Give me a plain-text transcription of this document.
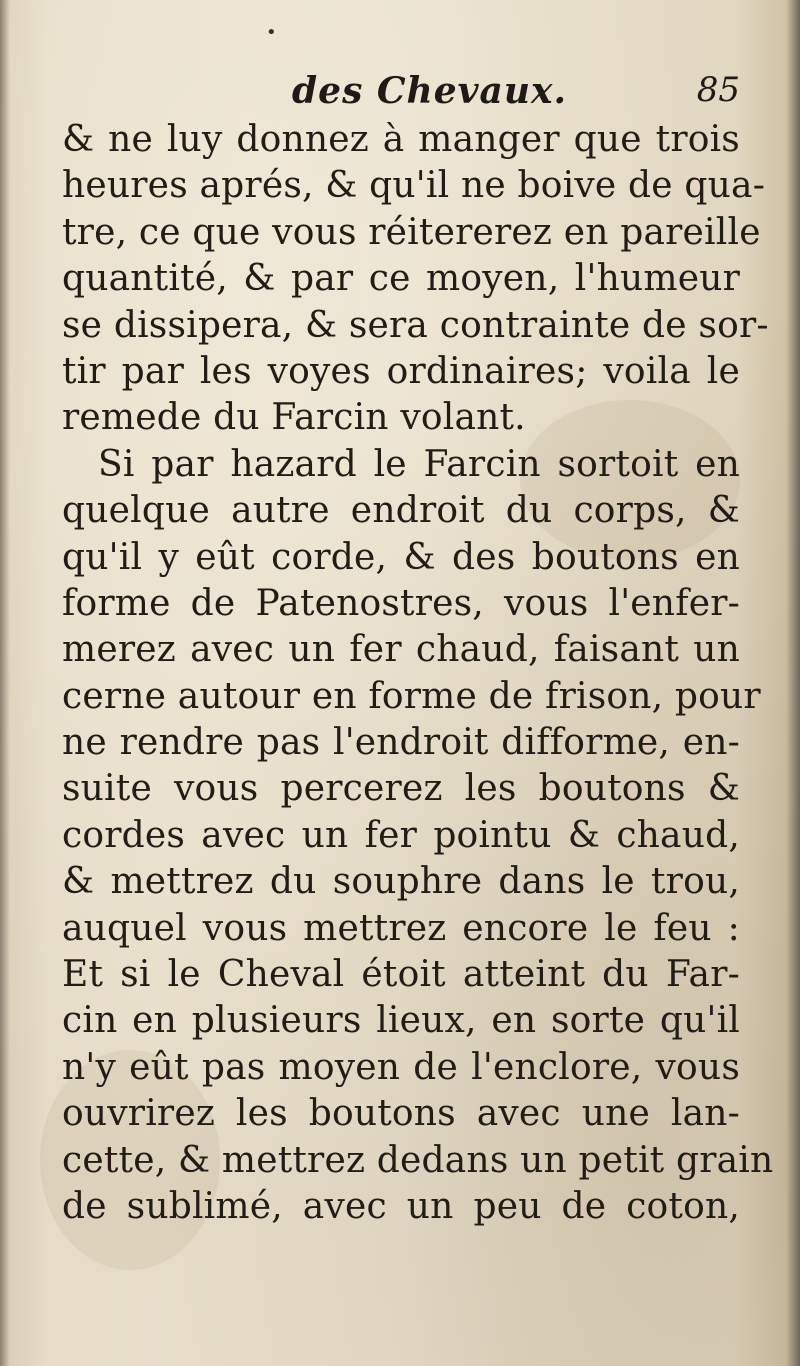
•
des Chevaux.	85
& ne luy donnez à manger que trois
heures aprés, & qu'il ne boive de qua-
tre, ce que vous réitererez en pareille
quantité, & par ce moyen, l'humeur
se dissipera, & sera contrainte de sor-
tir par les voyes ordinaires; voila le
remede du Farcin volant.
Si par hazard le Farcin sortoit en
quelque autre endroit du corps, &
qu'il y eût corde, & des boutons en
forme de Patenostres, vous l'enfer-
merez avec un fer chaud, faisant un
cerne autour en forme de frison, pour
ne rendre pas l'endroit difforme, en-
suite vous percerez les boutons &
cordes avec un fer pointu & chaud,
& mettrez du souphre dans le trou,
auquel vous mettrez encore le feu :
Et si le Cheval étoit atteint du Far-
cin en plusieurs lieux, en sorte qu'il
n'y eût pas moyen de l'enclore, vous
ouvrirez les boutons avec une lan-
cette, & mettrez dedans un petit grain
de sublimé, avec un peu de coton,
